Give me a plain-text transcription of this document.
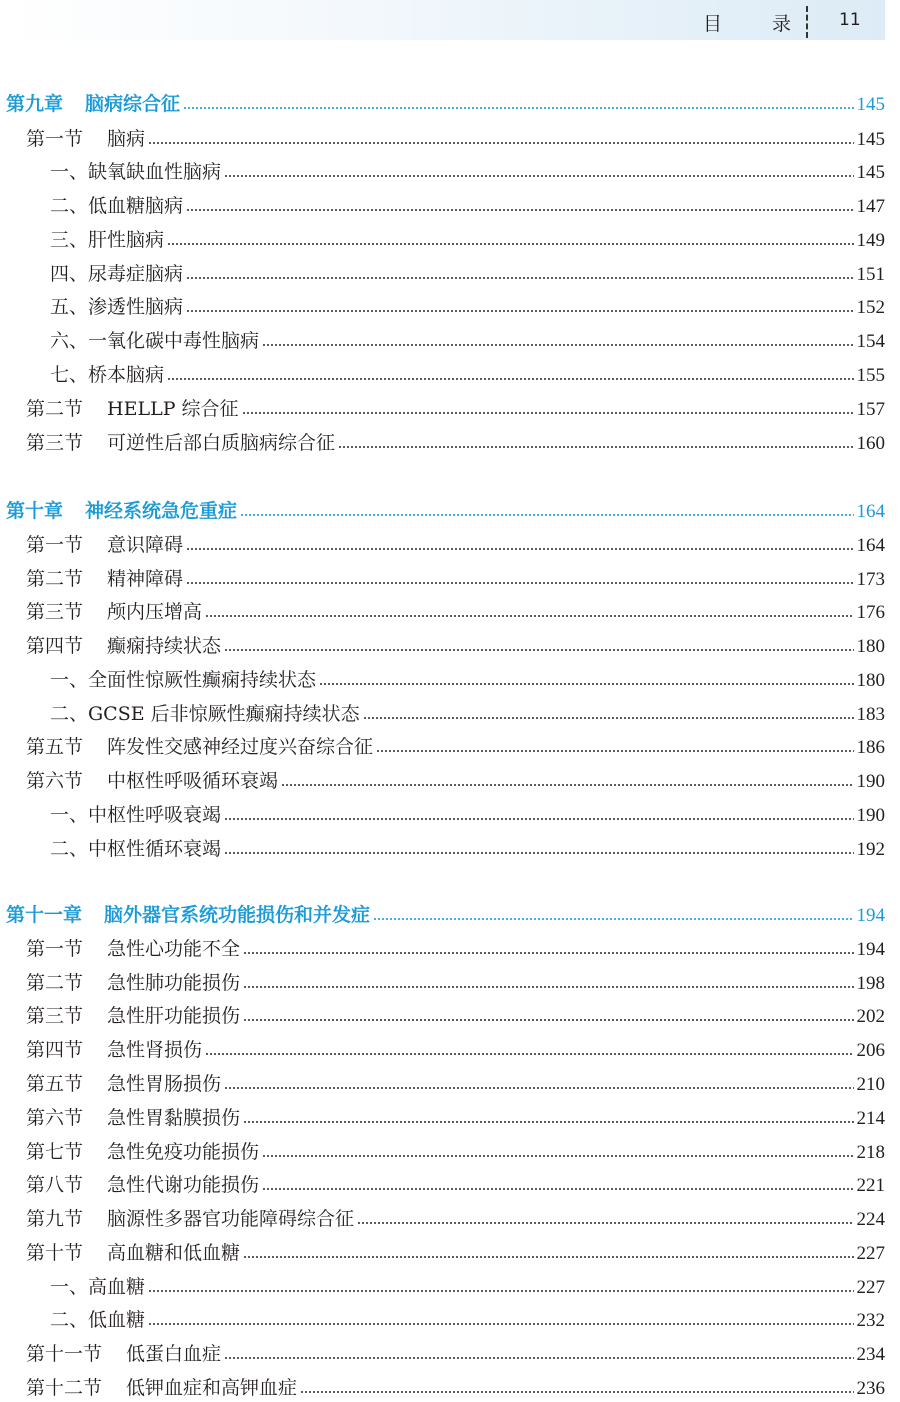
目 录 11
第九章 脑病综合征	145
第一节 脑病	145
一、缺氧缺血性脑病	145
二、低血糖脑病	147
三、肝性脑病	149
四、尿毒症脑病	151
五、渗透性脑病	152
六、一氧化碳中毒性脑病	154
七、桥本脑病	155
第二节 HELLP 综合征	157
第三节 可逆性后部白质脑病综合征	160
第十章 神经系统急危重症	164
第一节 意识障碍	164
第二节 精神障碍	173
第三节 颅内压增高	176
第四节 癫痫持续状态	180
一、全面性惊厥性癫痫持续状态	180
二、GCSE 后非惊厥性癫痫持续状态	183
第五节 阵发性交感神经过度兴奋综合征	186
第六节 中枢性呼吸循环衰竭	190
一、中枢性呼吸衰竭	190
二、中枢性循环衰竭	192
第十一章 脑外器官系统功能损伤和并发症	194
第一节 急性心功能不全	194
第二节 急性肺功能损伤	198
第三节 急性肝功能损伤	202
第四节 急性肾损伤	206
第五节 急性胃肠损伤	210
第六节 急性胃黏膜损伤	214
第七节 急性免疫功能损伤	218
第八节 急性代谢功能损伤	221
第九节 脑源性多器官功能障碍综合征	224
第十节 高血糖和低血糖	227
一、高血糖	227
二、低血糖	232
第十一节 低蛋白血症	234
第十二节 低钾血症和高钾血症	236
